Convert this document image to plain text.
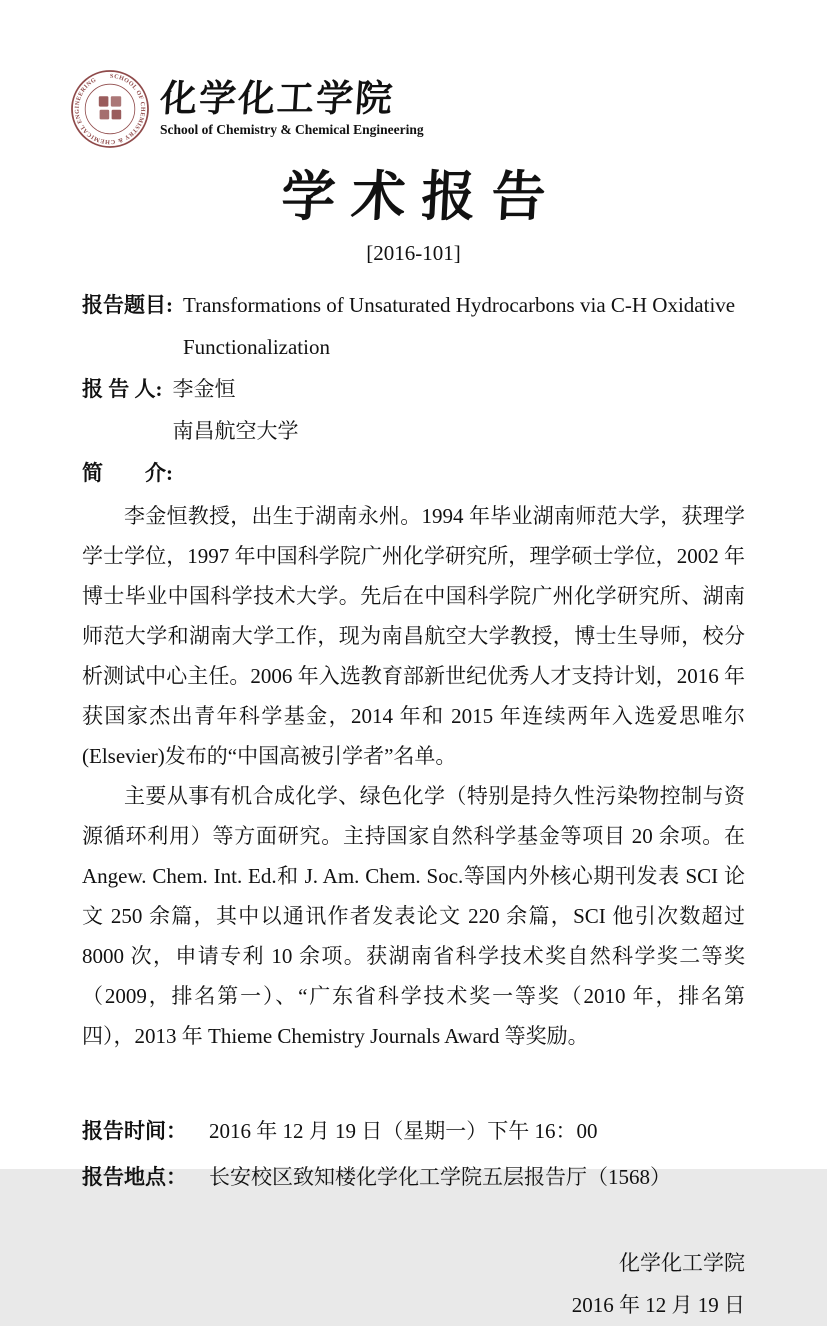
SCHOOL OF CHEMISTRY & CHEMICAL ENGINEERING	化学化工学院
School of Chemistry & Chemical Engineering
学术报告
[2016-101]
报告题目: Transformations of Unsaturated Hydrocarbons via C-H Oxidative
Functionalization
报 告 人: 李金恒
南昌航空大学
简　　介:

李金恒教授，出生于湖南永州。1994 年毕业湖南师范大学，获理学学士学位，1997 年中国科学院广州化学研究所，理学硕士学位，2002 年博士毕业中国科学技术大学。先后在中国科学院广州化学研究所、湖南师范大学和湖南大学工作，现为南昌航空大学教授，博士生导师，校分析测试中心主任。2006 年入选教育部新世纪优秀人才支持计划，2016 年获国家杰出青年科学基金，2014 年和 2015 年连续两年入选爱思唯尔(Elsevier)发布的“中国高被引学者”名单。

主要从事有机合成化学、绿色化学（特别是持久性污染物控制与资源循环利用）等方面研究。主持国家自然科学基金等项目 20 余项。在 Angew. Chem. Int. Ed.和 J. Am. Chem. Soc.等国内外核心期刊发表 SCI 论文 250 余篇，其中以通讯作者发表论文 220 余篇，SCI 他引次数超过 8000 次，申请专利 10 余项。获湖南省科学技术奖自然科学奖二等奖（2009，排名第一）、“广东省科学技术奖一等奖（2010 年，排名第四），2013 年 Thieme Chemistry Journals Award 等奖励。

报告时间： 2016 年 12 月 19 日（星期一）下午 16：00
报告地点： 长安校区致知楼化学化工学院五层报告厅（1568）
化学化工学院
2016 年 12 月 19 日
